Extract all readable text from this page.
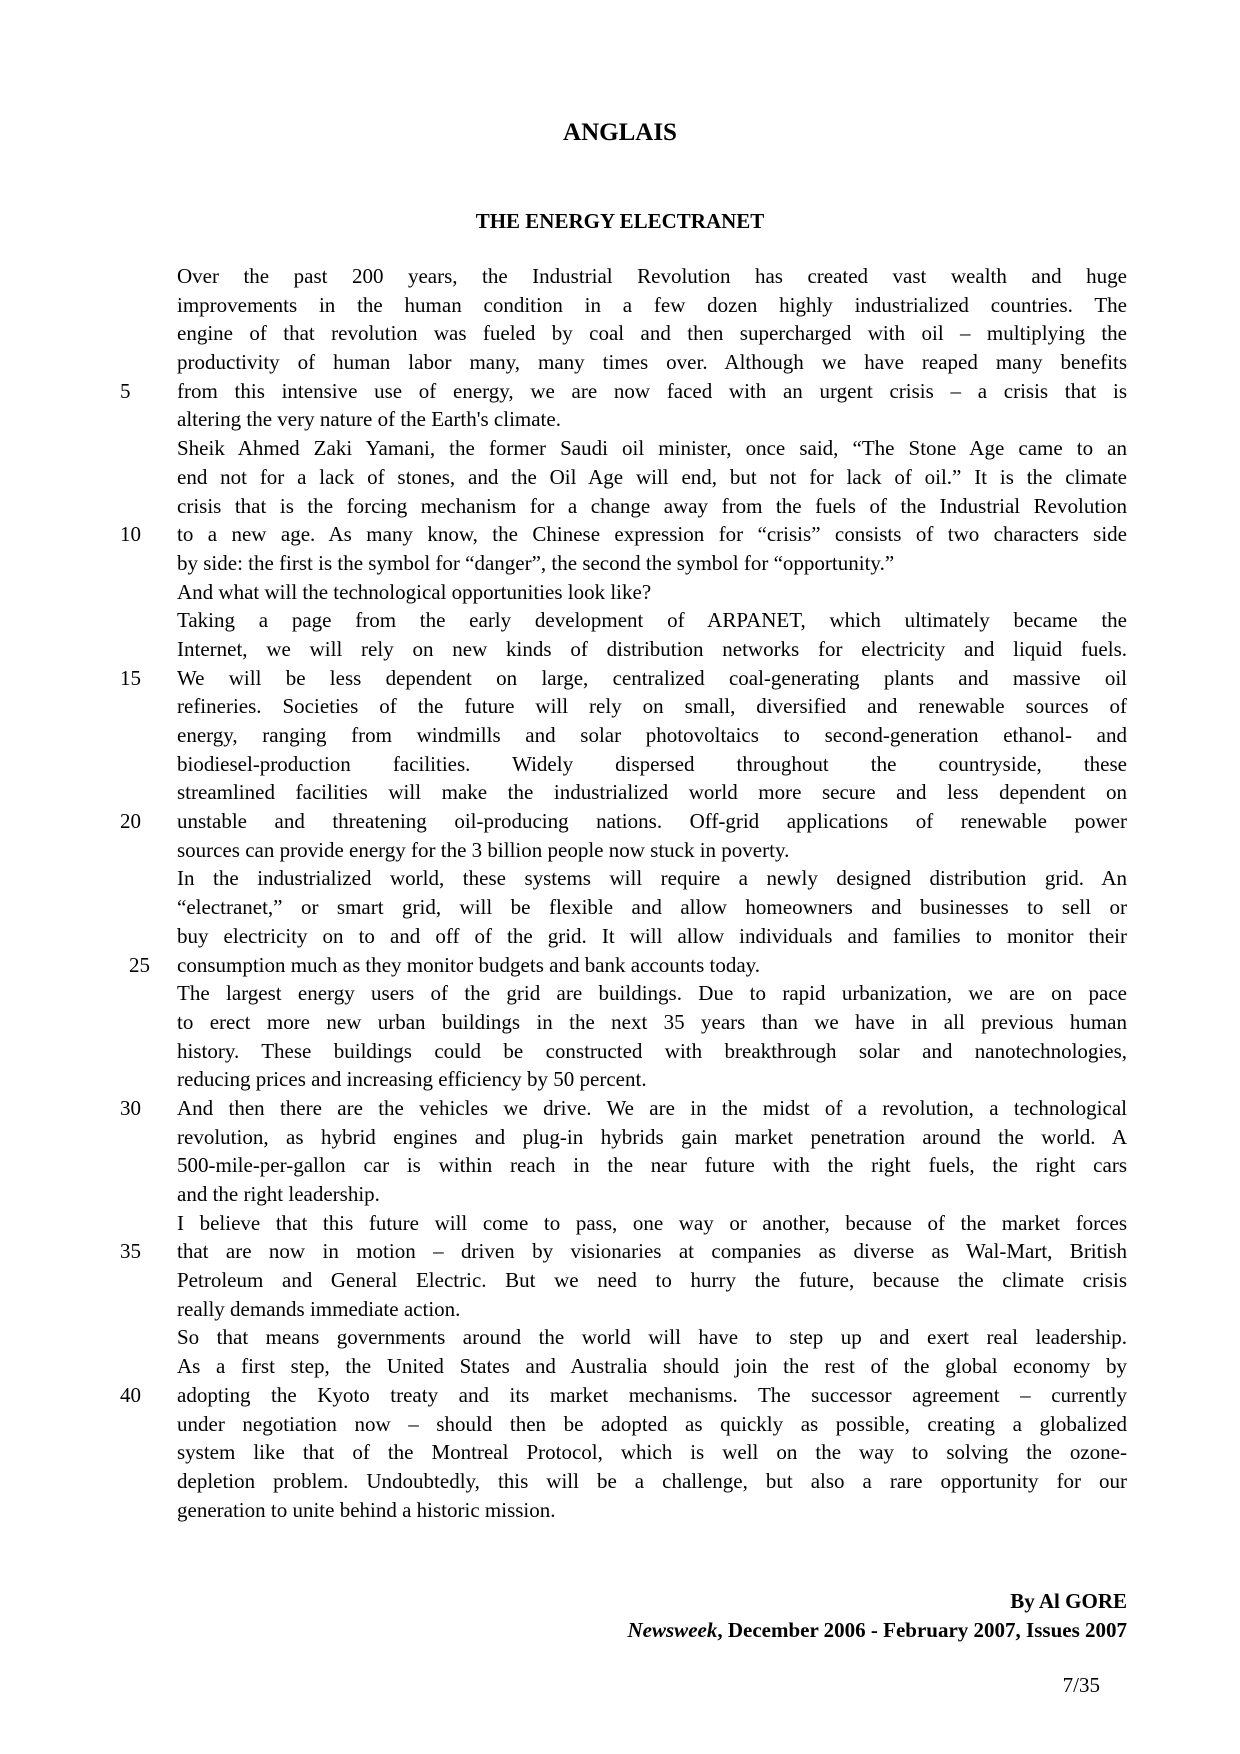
ANGLAIS
THE ENERGY ELECTRANET
Over the past 200 years, the Industrial Revolution has created vast wealth and huge
improvements in the human condition in a few dozen highly industrialized countries. The
engine of that revolution was fueled by coal and then supercharged with oil – multiplying the
productivity of human labor many, many times over. Although we have reaped many benefits
from this intensive use of energy, we are now faced with an urgent crisis – a crisis that is
5
altering the very nature of the Earth's climate.
Sheik Ahmed Zaki Yamani, the former Saudi oil minister, once said, “The Stone Age came to an
end not for a lack of stones, and the Oil Age will end, but not for lack of oil.” It is the climate
crisis that is the forcing mechanism for a change away from the fuels of the Industrial Revolution
to a new age. As many know, the Chinese expression for “crisis” consists of two characters side
10
by side: the first is the symbol for “danger”, the second the symbol for “opportunity.”
And what will the technological opportunities look like?
Taking a page from the early development of ARPANET, which ultimately became the
Internet, we will rely on new kinds of distribution networks for electricity and liquid fuels.
We will be less dependent on large, centralized coal-generating plants and massive oil
15
refineries. Societies of the future will rely on small, diversified and renewable sources of
energy, ranging from windmills and solar photovoltaics to second-generation ethanol- and
biodiesel-production facilities. Widely dispersed throughout the countryside, these
streamlined facilities will make the industrialized world more secure and less dependent on
unstable and threatening oil-producing nations. Off-grid applications of renewable power
20
sources can provide energy for the 3 billion people now stuck in poverty.
In the industrialized world, these systems will require a newly designed distribution grid. An
“electranet,” or smart grid, will be flexible and allow homeowners and businesses to sell or
buy electricity on to and off of the grid. It will allow individuals and families to monitor their
consumption much as they monitor budgets and bank accounts today.
25
The largest energy users of the grid are buildings. Due to rapid urbanization, we are on pace
to erect more new urban buildings in the next 35 years than we have in all previous human
history. These buildings could be constructed with breakthrough solar and nanotechnologies,
reducing prices and increasing efficiency by 50 percent.
And then there are the vehicles we drive. We are in the midst of a revolution, a technological
30
revolution, as hybrid engines and plug-in hybrids gain market penetration around the world. A
500-mile-per-gallon car is within reach in the near future with the right fuels, the right cars
and the right leadership.
I believe that this future will come to pass, one way or another, because of the market forces
that are now in motion – driven by visionaries at companies as diverse as Wal-Mart, British
35
Petroleum and General Electric. But we need to hurry the future, because the climate crisis
really demands immediate action.
So that means governments around the world will have to step up and exert real leadership.
As a first step, the United States and Australia should join the rest of the global economy by
adopting the Kyoto treaty and its market mechanisms. The successor agreement – currently
40
under negotiation now – should then be adopted as quickly as possible, creating a globalized
system like that of the Montreal Protocol, which is well on the way to solving the ozone-
depletion problem. Undoubtedly, this will be a challenge, but also a rare opportunity for our
generation to unite behind a historic mission.
By Al GORE
Newsweek, December 2006 - February 2007, Issues 2007
7/35
